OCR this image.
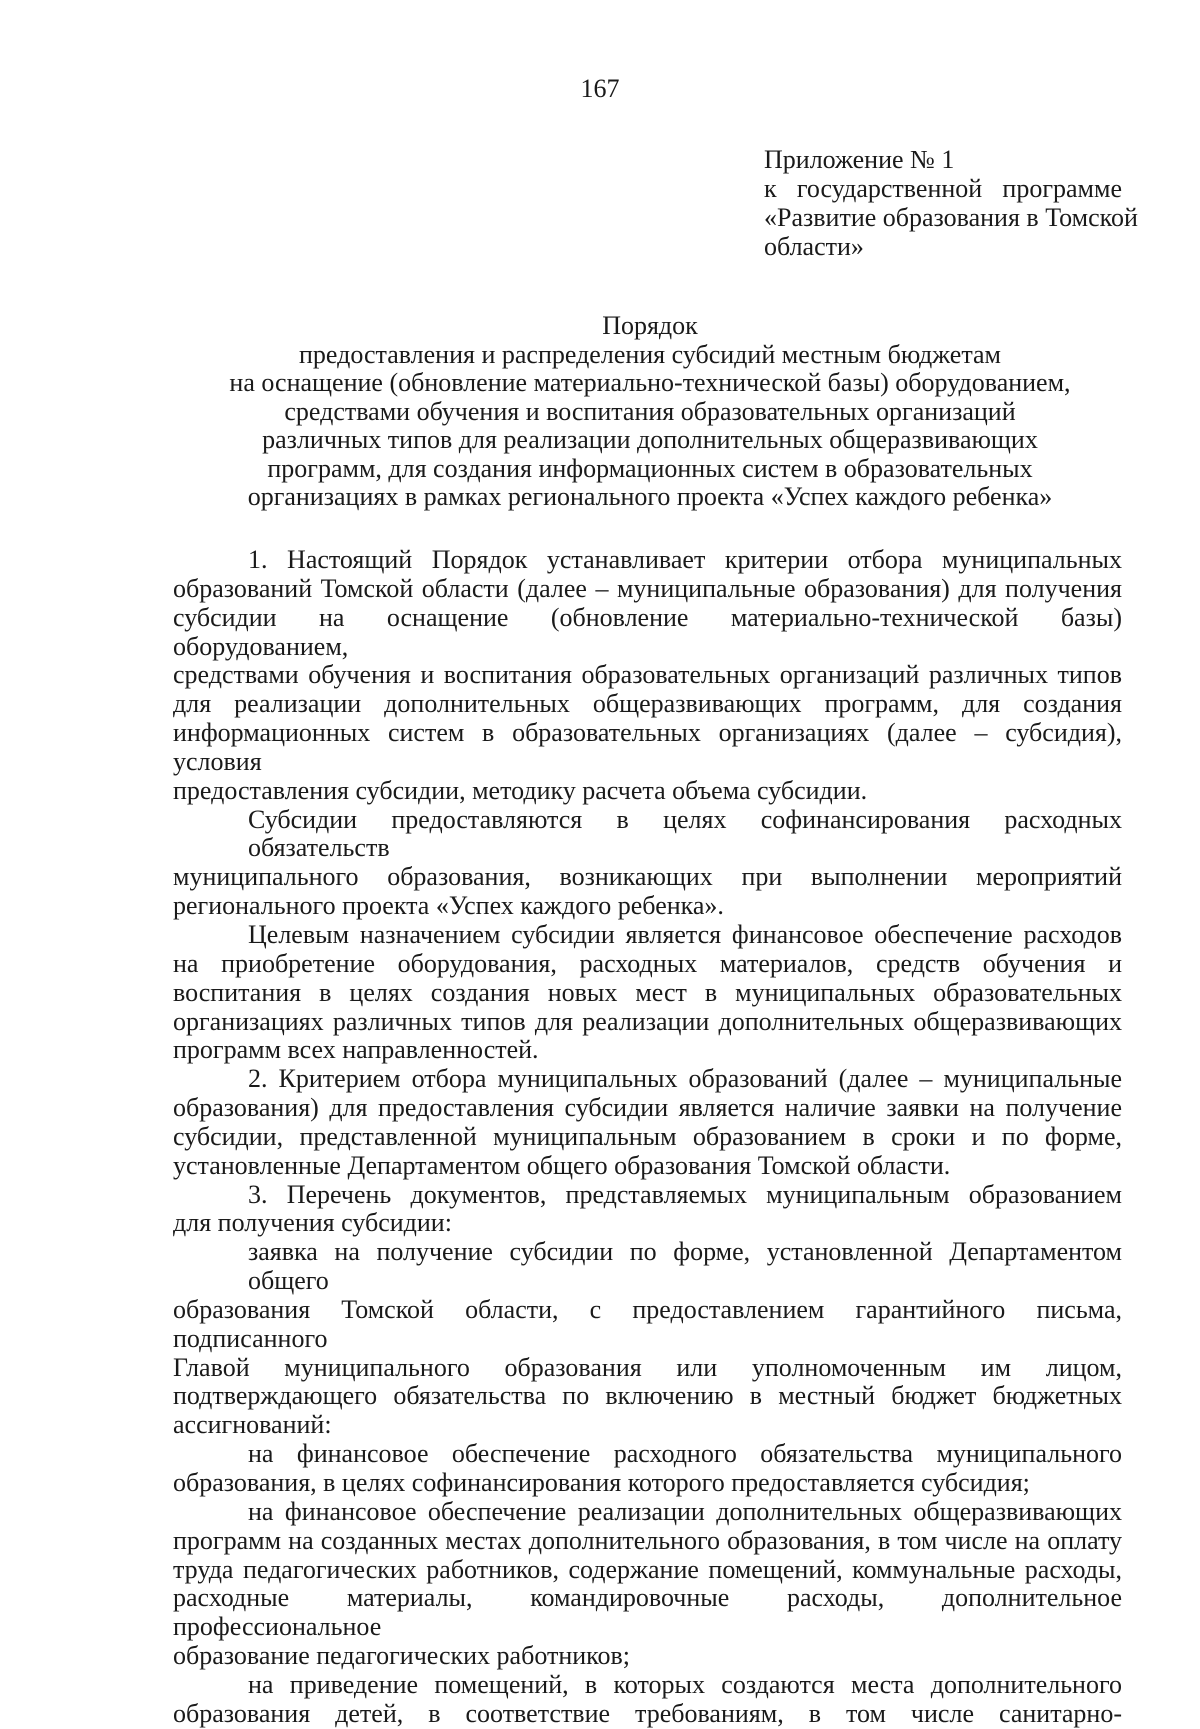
167
Приложение № 1
к государственной программе
«Развитие образования в Томской
области»
Порядок
предоставления и распределения субсидий местным бюджетам
на оснащение (обновление материально-технической базы) оборудованием,
средствами обучения и воспитания образовательных организаций
различных типов для реализации дополнительных общеразвивающих
программ, для создания информационных систем в образовательных
организациях в рамках регионального проекта «Успех каждого ребенка»
1. Настоящий Порядок устанавливает критерии отбора муниципальных
образований Томской области (далее – муниципальные образования) для получения
субсидии на оснащение (обновление материально-технической базы) оборудованием,
средствами обучения и воспитания образовательных организаций различных типов
для реализации дополнительных общеразвивающих программ, для создания
информационных систем в образовательных организациях (далее – субсидия), условия
предоставления субсидии, методику расчета объема субсидии.
Субсидии предоставляются в целях софинансирования расходных обязательств
муниципального образования, возникающих при выполнении мероприятий
регионального проекта «Успех каждого ребенка».
Целевым назначением субсидии является финансовое обеспечение расходов
на приобретение оборудования, расходных материалов, средств обучения и
воспитания в целях создания новых мест в муниципальных образовательных
организациях различных типов для реализации дополнительных общеразвивающих
программ всех направленностей.
2. Критерием отбора муниципальных образований (далее – муниципальные
образования) для предоставления субсидии является наличие заявки на получение
субсидии, представленной муниципальным образованием в сроки и по форме,
установленные Департаментом общего образования Томской области.
3. Перечень документов, представляемых муниципальным образованием
для получения субсидии:
заявка на получение субсидии по форме, установленной Департаментом общего
образования Томской области, с предоставлением гарантийного письма, подписанного
Главой муниципального образования или уполномоченным им лицом,
подтверждающего обязательства по включению в местный бюджет бюджетных
ассигнований:
на финансовое обеспечение расходного обязательства муниципального
образования, в целях софинансирования которого предоставляется субсидия;
на финансовое обеспечение реализации дополнительных общеразвивающих
программ на созданных местах дополнительного образования, в том числе на оплату
труда педагогических работников, содержание помещений, коммунальные расходы,
расходные материалы, командировочные расходы, дополнительное профессиональное
образование педагогических работников;
на приведение помещений, в которых создаются места дополнительного
образования детей, в соответствие требованиям, в том числе санитарно-
